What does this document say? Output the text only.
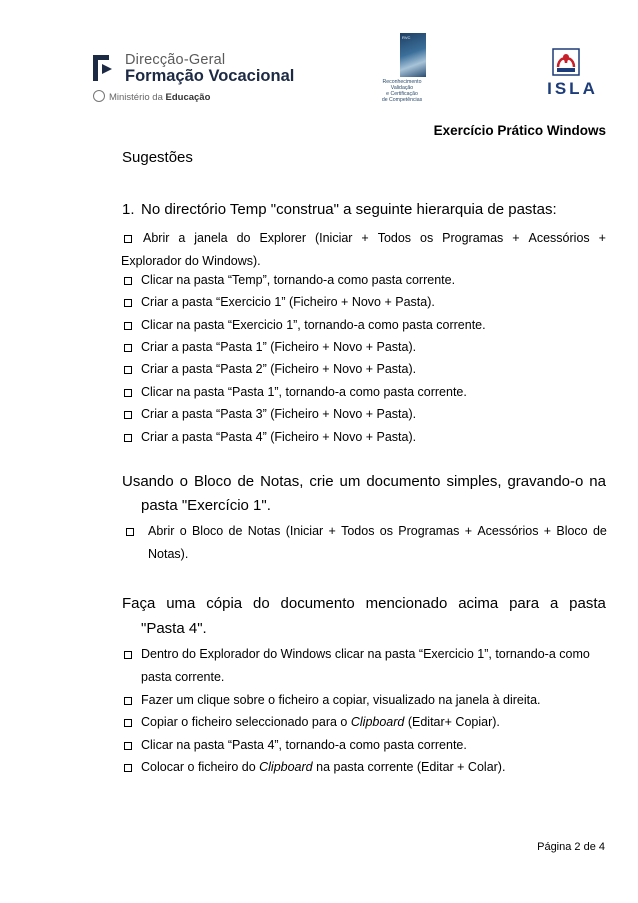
Direcção-Geral
Formação Vocacional
Ministério da Educação
RVC
Reconhecimento
Validação
e Certificação
de Competências
ISLA
Exercício Prático Windows
Sugestões
1. No directório Temp "construa" a seguinte hierarquia de pastas:
Abrir a janela do Explorer (Iniciar + Todos os Programas + Acessórios +
Explorador do Windows).
Clicar na pasta “Temp”, tornando-a como pasta corrente.
Criar a pasta “Exercicio 1” (Ficheiro + Novo + Pasta).
Clicar na pasta “Exercicio 1”, tornando-a como pasta corrente.
Criar a pasta “Pasta 1” (Ficheiro + Novo + Pasta).
Criar a pasta “Pasta 2” (Ficheiro + Novo + Pasta).
Clicar na pasta “Pasta 1”, tornando-a como pasta corrente.
Criar a pasta “Pasta 3” (Ficheiro + Novo + Pasta).
Criar a pasta “Pasta 4” (Ficheiro + Novo + Pasta).
Usando o Bloco de Notas, crie um documento simples, gravando-o na
pasta "Exercício 1".
Abrir o Bloco de Notas (Iniciar + Todos os Programas + Acessórios + Bloco de
Notas).
Faça uma cópia do documento mencionado acima para a pasta
"Pasta 4".
Dentro do Explorador do Windows clicar na pasta “Exercicio 1”, tornando-a como
pasta corrente.
Fazer um clique sobre o ficheiro a copiar, visualizado na janela à direita.
Copiar o ficheiro seleccionado para o Clipboard (Editar+ Copiar).
Clicar na pasta “Pasta 4”, tornando-a como pasta corrente.
Colocar o ficheiro do Clipboard na pasta corrente (Editar + Colar).
Página 2 de 4
